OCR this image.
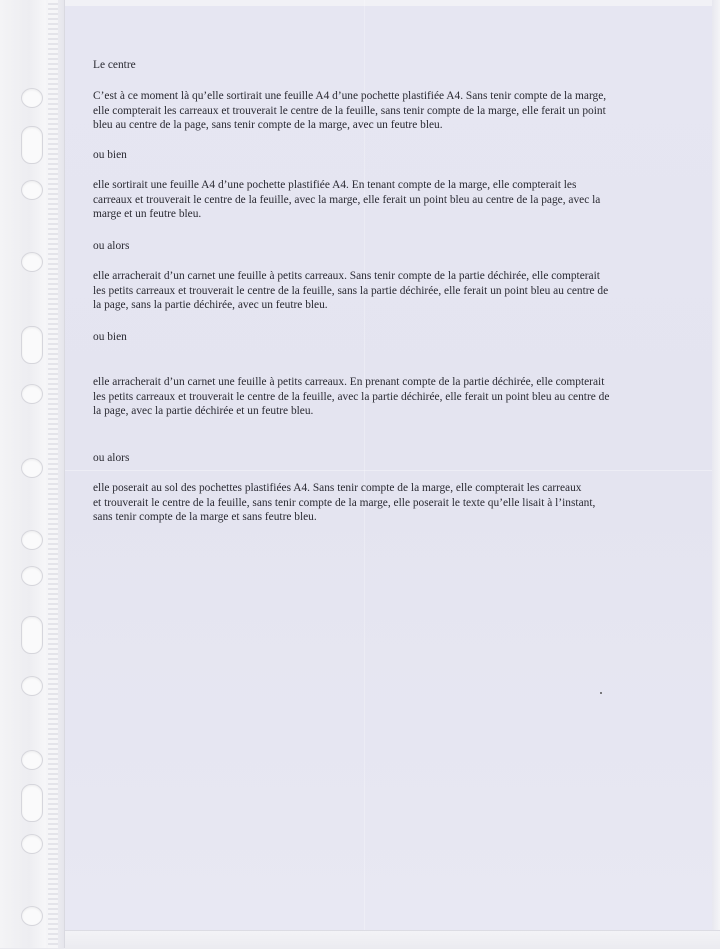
Le centre

C’est à ce moment là qu’elle sortirait une feuille A4 d’une pochette plastifiée A4. Sans tenir compte de la marge,
elle compterait les carreaux et trouverait le centre de la feuille, sans tenir compte de la marge, elle ferait un point
bleu au centre de la page, sans tenir compte de la marge, avec un feutre bleu.

ou bien

elle sortirait une feuille A4 d’une pochette plastifiée A4. En tenant compte de la marge, elle compterait les
carreaux et trouverait le centre de la feuille, avec la marge, elle ferait un point bleu au centre de la page, avec la
marge et un feutre bleu.

ou alors

elle arracherait d’un carnet une feuille à petits carreaux. Sans tenir compte de la partie déchirée, elle compterait
les petits carreaux et trouverait le centre de la feuille, sans la partie déchirée, elle ferait un point bleu au centre de
la page, sans la partie déchirée, avec un feutre bleu.

ou bien

elle arracherait d’un carnet une feuille à petits carreaux. En prenant compte de la partie déchirée, elle compterait
les petits carreaux et trouverait le centre de la feuille, avec la partie déchirée, elle ferait un point bleu au centre de
la page, avec la partie déchirée et un feutre bleu.

ou alors

elle poserait au sol des pochettes plastifiées A4. Sans tenir compte de la marge, elle compterait les carreaux
et trouverait le centre de la feuille, sans tenir compte de la marge, elle poserait le texte qu’elle lisait à l’instant,
sans tenir compte de la marge et sans feutre bleu.
